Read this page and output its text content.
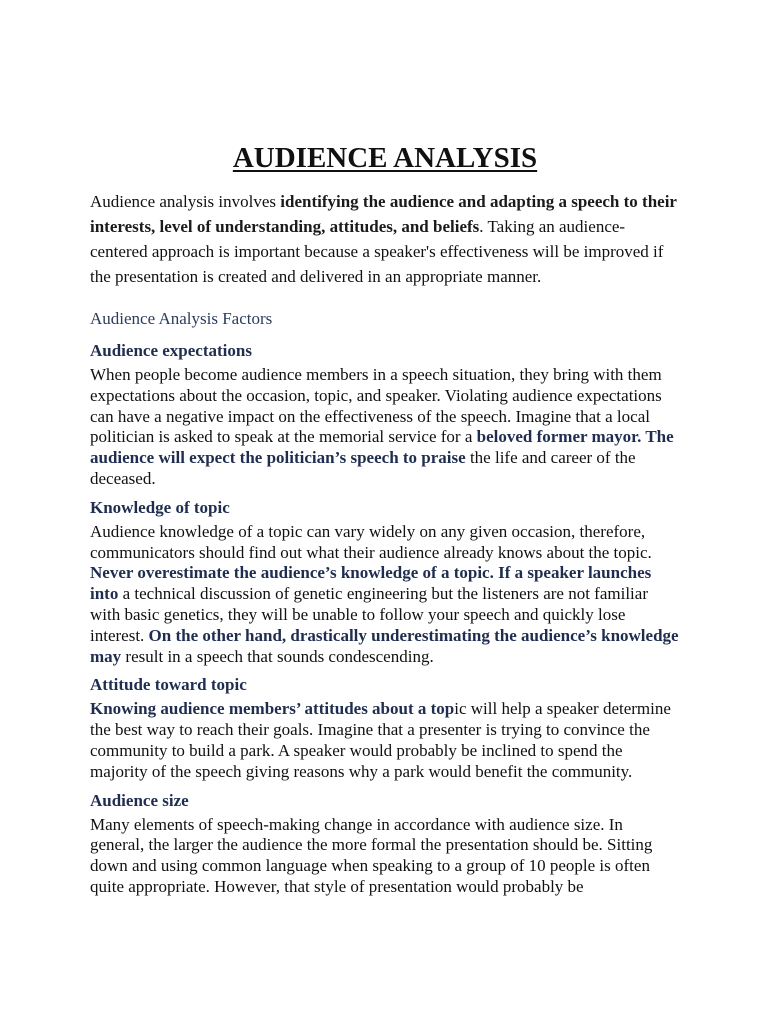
AUDIENCE ANALYSIS

Audience analysis involves identifying the audience and adapting a speech to their interests, level of understanding, attitudes, and beliefs. Taking an audience-centered approach is important because a speaker's effectiveness will be improved if the presentation is created and delivered in an appropriate manner.

Audience Analysis Factors

Audience expectations

When people become audience members in a speech situation, they bring with them expectations about the occasion, topic, and speaker. Violating audience expectations can have a negative impact on the effectiveness of the speech. Imagine that a local politician is asked to speak at the memorial service for a beloved former mayor. The audience will expect the politician’s speech to praise the life and career of the deceased.

Knowledge of topic

Audience knowledge of a topic can vary widely on any given occasion, therefore, communicators should find out what their audience already knows about the topic. Never overestimate the audience’s knowledge of a topic. If a speaker launches into a technical discussion of genetic engineering but the listeners are not familiar with basic genetics, they will be unable to follow your speech and quickly lose interest. On the other hand, drastically underestimating the audience’s knowledge may result in a speech that sounds condescending.

Attitude toward topic

Knowing audience members’ attitudes about a topic will help a speaker determine the best way to reach their goals. Imagine that a presenter is trying to convince the community to build a park. A speaker would probably be inclined to spend the majority of the speech giving reasons why a park would benefit the community.

Audience size

Many elements of speech-making change in accordance with audience size. In general, the larger the audience the more formal the presentation should be. Sitting down and using common language when speaking to a group of 10 people is often quite appropriate. However, that style of presentation would probably be
